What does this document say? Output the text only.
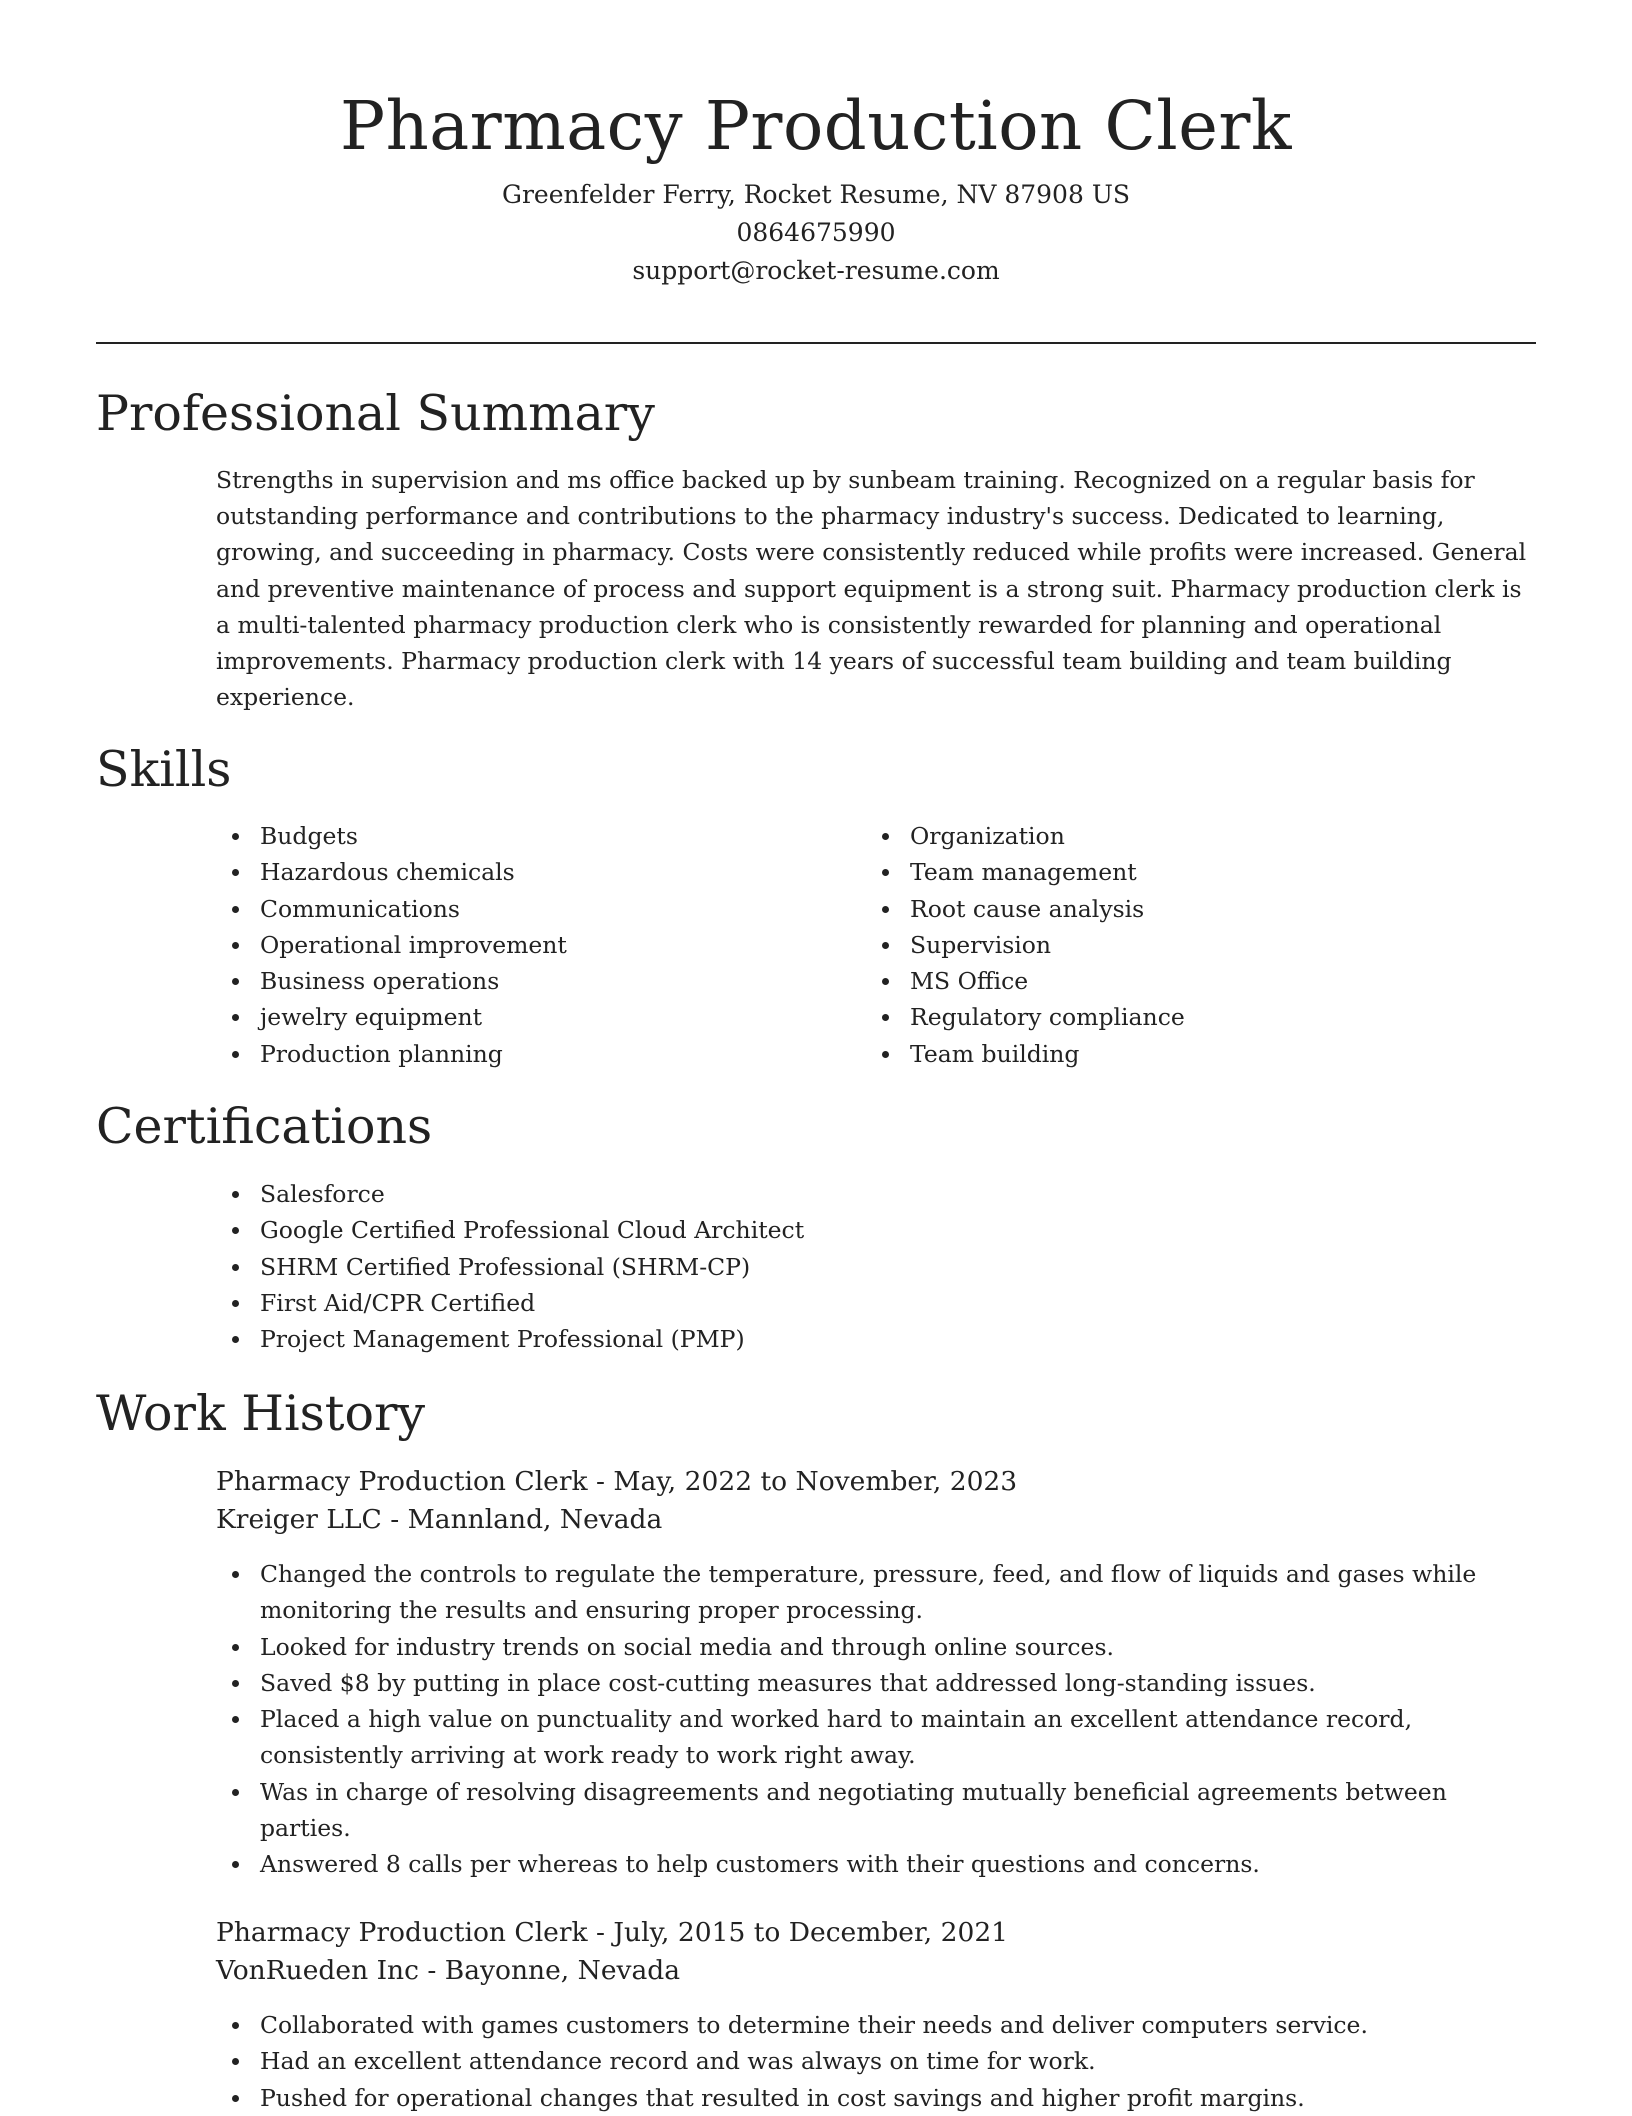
Pharmacy Production Clerk

Greenfelder Ferry, Rocket Resume, NV 87908 US

0864675990

support@rocket-resume.com

Professional Summary

Strengths in supervision and ms office backed up by sunbeam training. Recognized on a regular basis for outstanding performance and contributions to the pharmacy industry's success. Dedicated to learning, growing, and succeeding in pharmacy. Costs were consistently reduced while profits were increased. General and preventive maintenance of process and support equipment is a strong suit. Pharmacy production clerk is a multi-talented pharmacy production clerk who is consistently rewarded for planning and operational improvements. Pharmacy production clerk with 14 years of successful team building and team building experience.

Skills
Budgets
Hazardous chemicals
Communications
Operational improvement
Business operations
jewelry equipment
Production planning
Organization
Team management
Root cause analysis
Supervision
MS Office
Regulatory compliance
Team building
Certifications
Salesforce
Google Certified Professional Cloud Architect
SHRM Certified Professional (SHRM-CP)
First Aid/CPR Certified
Project Management Professional (PMP)
Work History
Pharmacy Production Clerk - May, 2022 to November, 2023
Kreiger LLC - Mannland, Nevada
Changed the controls to regulate the temperature, pressure, feed, and flow of liquids and gases while monitoring the results and ensuring proper processing.
Looked for industry trends on social media and through online sources.
Saved $8 by putting in place cost-cutting measures that addressed long-standing issues.
Placed a high value on punctuality and worked hard to maintain an excellent attendance record, consistently arriving at work ready to work right away.
Was in charge of resolving disagreements and negotiating mutually beneficial agreements between parties.
Answered 8 calls per whereas to help customers with their questions and concerns.
Pharmacy Production Clerk - July, 2015 to December, 2021
VonRueden Inc - Bayonne, Nevada
Collaborated with games customers to determine their needs and deliver computers service.
Had an excellent attendance record and was always on time for work.
Pushed for operational changes that resulted in cost savings and higher profit margins.
